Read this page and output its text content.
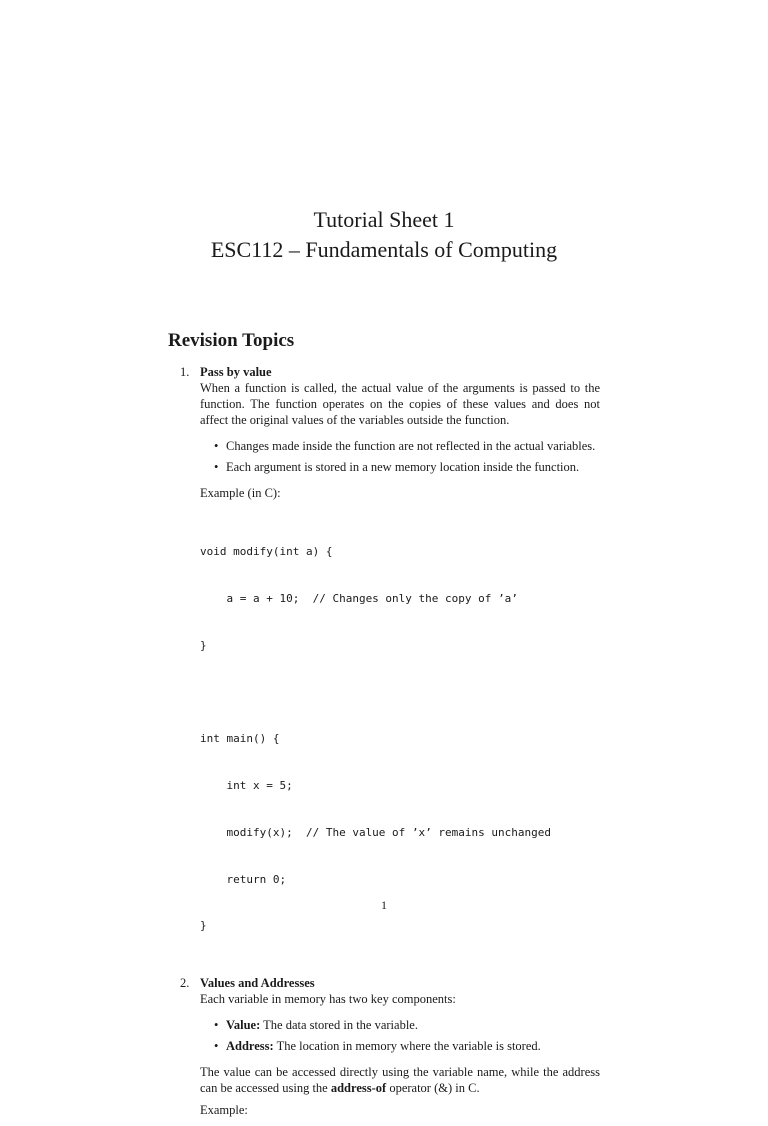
Tutorial Sheet 1
ESC112 – Fundamentals of Computing
Revision Topics
1. Pass by value

When a function is called, the actual value of the arguments is passed to the function. The function operates on the copies of these values and does not affect the original values of the variables outside the function.

• Changes made inside the function are not reflected in the actual variables.
• Each argument is stored in a new memory location inside the function.

Example (in C):

void modify(int a) {

a = a + 10;  // Changes only the copy of ’a’

}

int main() {

int x = 5;

modify(x);  // The value of ’x’ remains unchanged

return 0;

}

2. Values and Addresses

Each variable in memory has two key components:

• Value: The data stored in the variable.
• Address: The location in memory where the variable is stored.

The value can be accessed directly using the variable name, while the address can be accessed using the address-of operator (&) in C.

Example:

1
